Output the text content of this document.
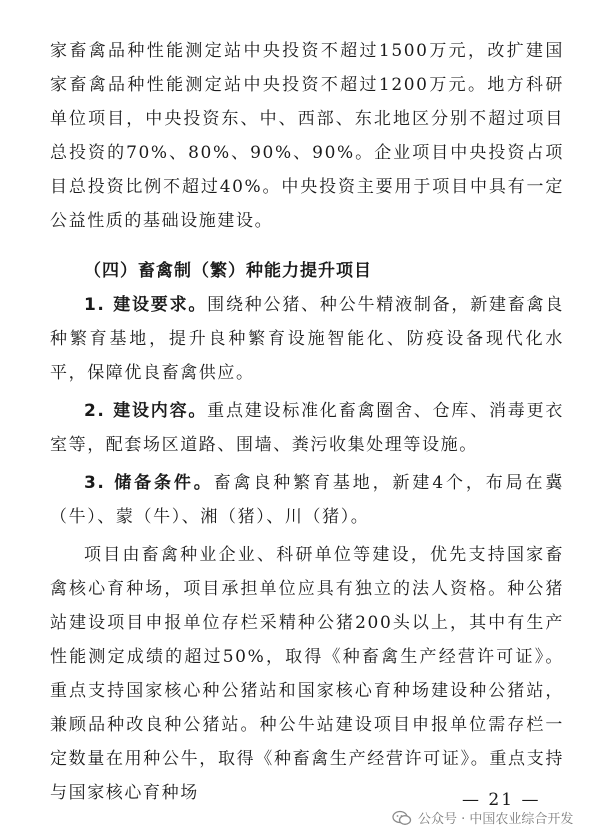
家畜禽品种性能测定站中央投资不超过1500万元，改扩建国家畜禽品种性能测定站中央投资不超过1200万元。地方科研单位项目，中央投资东、中、西部、东北地区分别不超过项目总投资的70%、80%、90%、90%。企业项目中央投资占项目总投资比例不超过40%。中央投资主要用于项目中具有一定公益性质的基础设施建设。

（四）畜禽制（繁）种能力提升项目

1. 建设要求。围绕种公猪、种公牛精液制备，新建畜禽良种繁育基地，提升良种繁育设施智能化、防疫设备现代化水平，保障优良畜禽供应。

2. 建设内容。重点建设标准化畜禽圈舍、仓库、消毒更衣室等，配套场区道路、围墙、粪污收集处理等设施。

3. 储备条件。畜禽良种繁育基地，新建4个，布局在冀（牛）、蒙（牛）、湘（猪）、川（猪）。

项目由畜禽种业企业、科研单位等建设，优先支持国家畜禽核心育种场，项目承担单位应具有独立的法人资格。种公猪站建设项目申报单位存栏采精种公猪200头以上，其中有生产性能测定成绩的超过50%，取得《种畜禽生产经营许可证》。重点支持国家核心种公猪站和国家核心育种场建设种公猪站，兼顾品种改良种公猪站。种公牛站建设项目申报单位需存栏一定数量在用种公牛，取得《种畜禽生产经营许可证》。重点支持与国家核心育种场	— 21 —
公众号 · 中国农业综合开发
